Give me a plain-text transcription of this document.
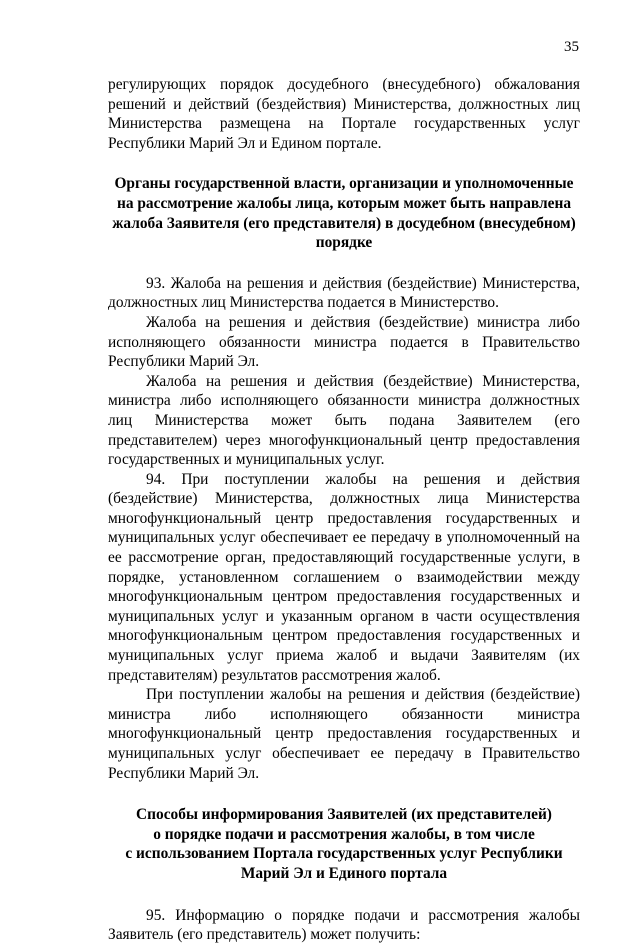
35

регулирующих порядок досудебного (внесудебного) обжалования решений и действий (бездействия) Министерства, должностных лиц Министерства размещена на Портале государственных услуг Республики Марий Эл и Едином портале.

Органы государственной власти, организации и уполномоченные
на рассмотрение жалобы лица, которым может быть направлена
жалоба Заявителя (его представителя) в досудебном (внесудебном)
порядке

93. Жалоба на решения и действия (бездействие) Министерства, должностных лиц Министерства подается в Министерство.

Жалоба на решения и действия (бездействие) министра либо исполняющего обязанности министра подается в Правительство Республики Марий Эл.

Жалоба на решения и действия (бездействие) Министерства, министра либо исполняющего обязанности министра должностных лиц Министерства может быть подана Заявителем (его представителем) через многофункциональный центр предоставления государственных и муниципальных услуг.

94. При поступлении жалобы на решения и действия (бездействие) Министерства, должностных лица Министерства многофункциональный центр предоставления государственных и муниципальных услуг обеспечивает ее передачу в уполномоченный на ее рассмотрение орган, предоставляющий государственные услуги, в порядке, установленном соглашением о взаимодействии между многофункциональным центром предоставления государственных и муниципальных услуг и указанным органом в части осуществления многофункциональным центром предоставления государственных и муниципальных услуг приема жалоб и выдачи Заявителям (их представителям) результатов рассмотрения жалоб.

При поступлении жалобы на решения и действия (бездействие) министра либо исполняющего обязанности министра многофункциональный центр предоставления государственных и муниципальных услуг обеспечивает ее передачу в Правительство Республики Марий Эл.

Способы информирования Заявителей (их представителей)
о порядке подачи и рассмотрения жалобы, в том числе
с использованием Портала государственных услуг Республики
Марий Эл и Единого портала

95. Информацию о порядке подачи и рассмотрения жалобы Заявитель (его представитель) может получить:
